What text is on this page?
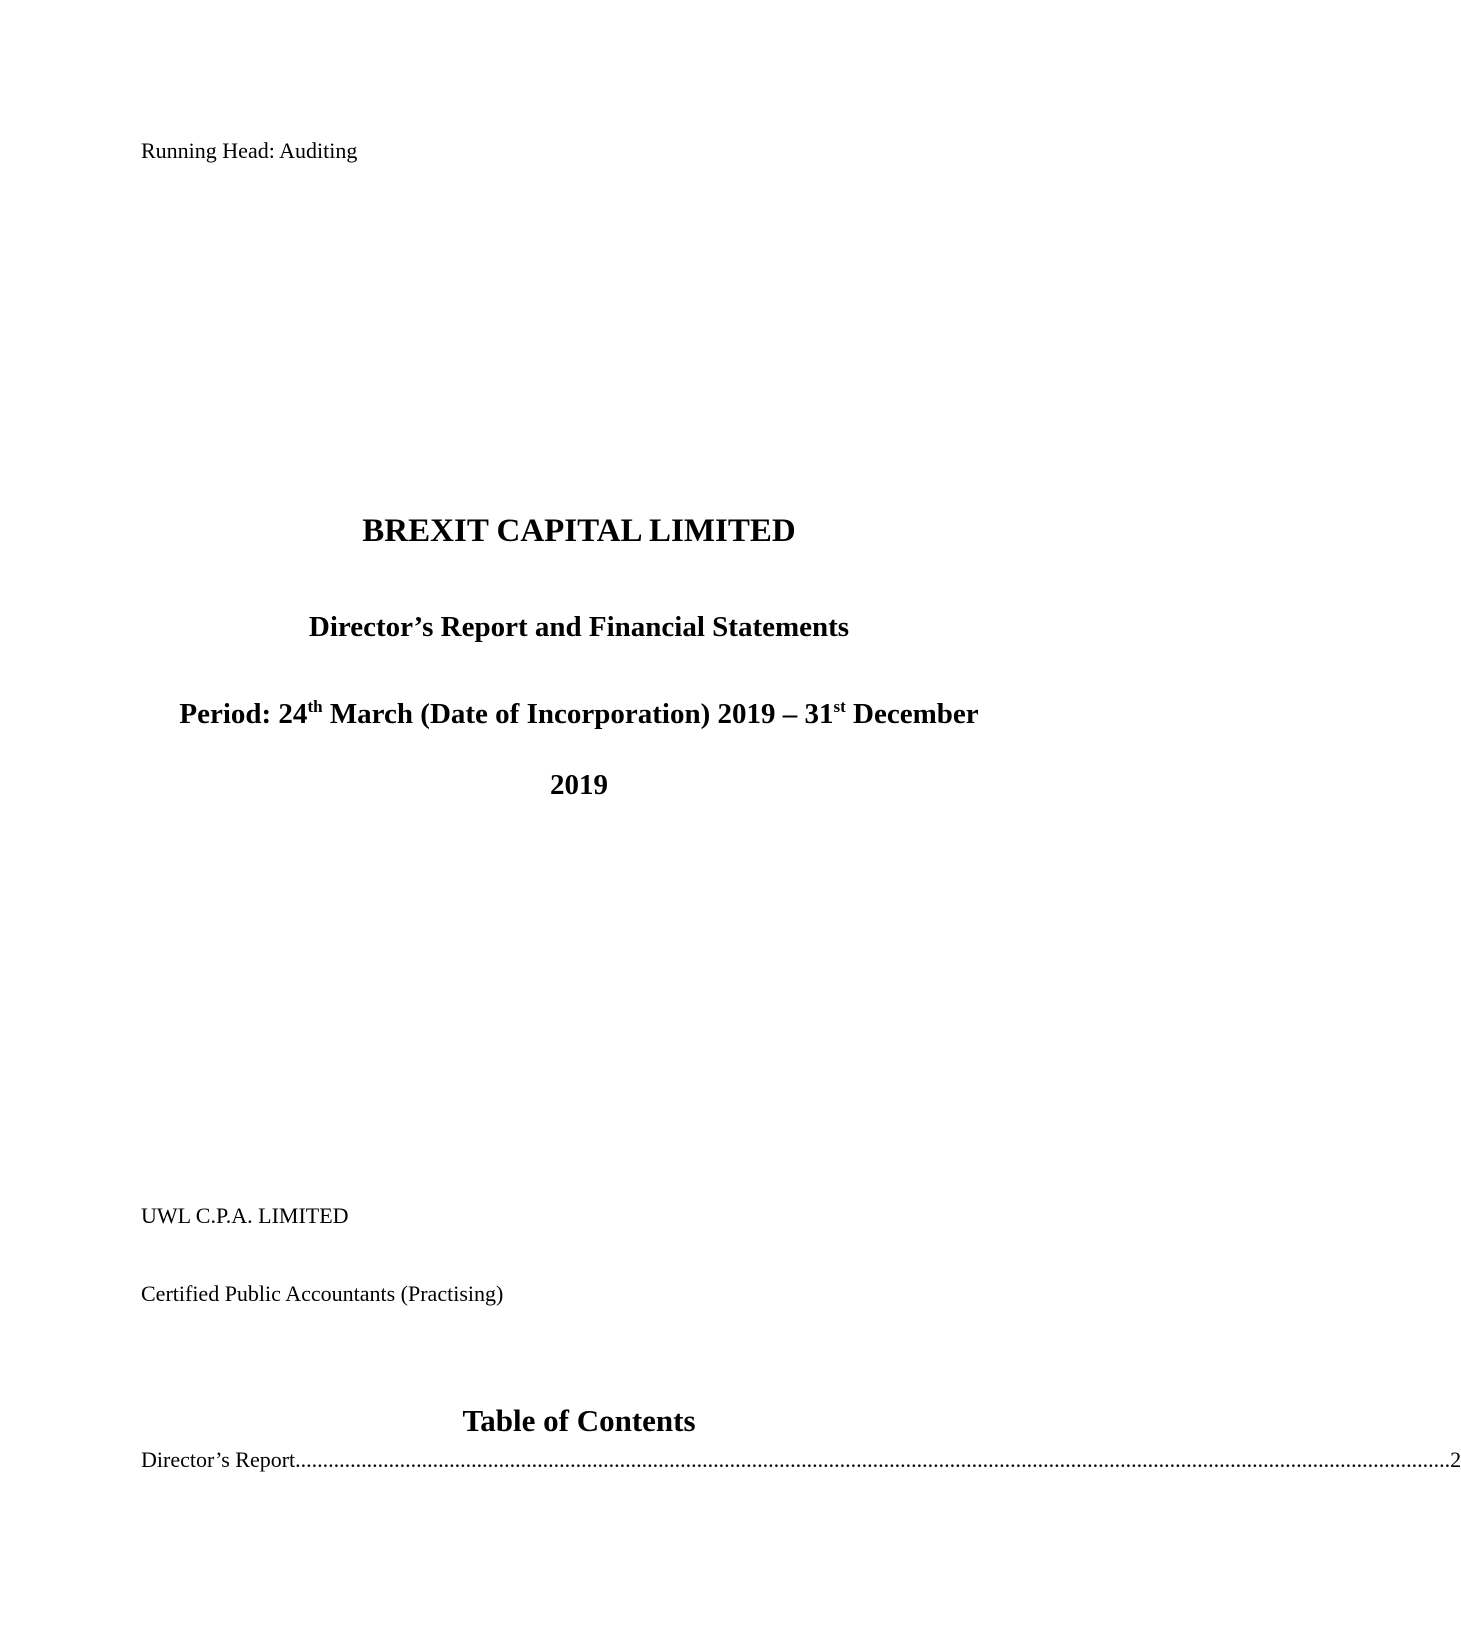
Running Head: Auditing
BREXIT CAPITAL LIMITED
Director’s Report and Financial Statements
Period: 24th March (Date of Incorporation) 2019 – 31st December
2019
UWL C.P.A. LIMITED
Certified Public Accountants (Practising)
Table of Contents
Director’s Report .................................................................................................................................................................................................................. 2
